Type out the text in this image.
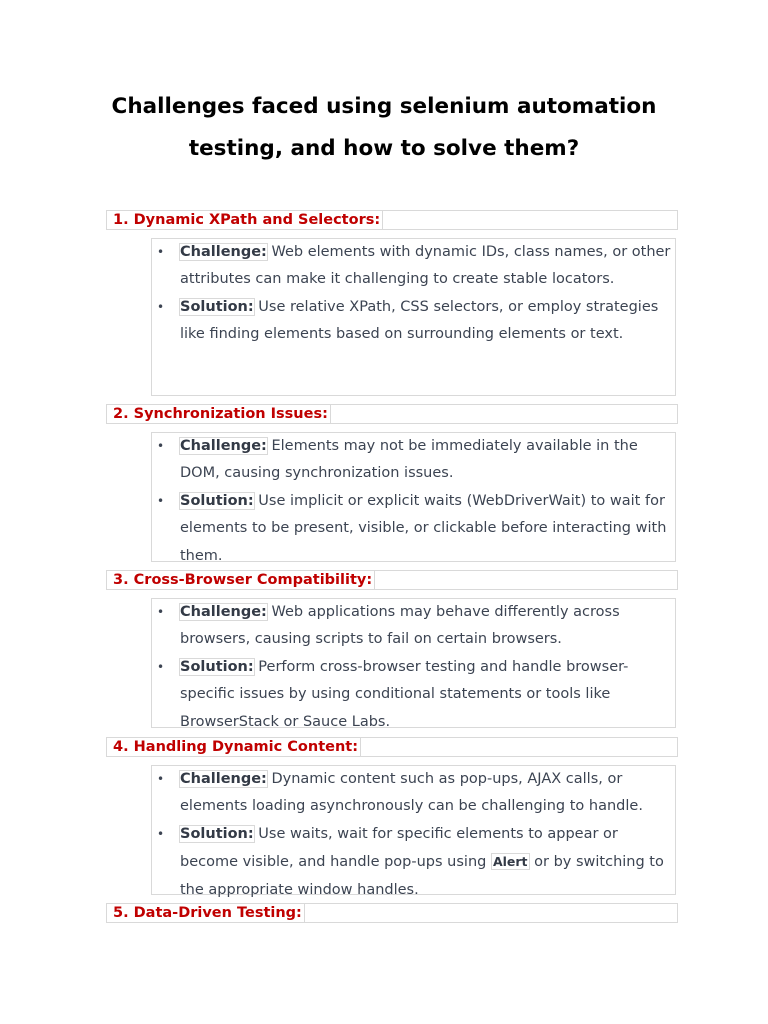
Challenges faced using selenium automation
testing, and how to solve them?
1. Dynamic XPath and Selectors:
• Challenge: Web elements with dynamic IDs, class names, or other attributes can make it challenging to create stable locators.
• Solution: Use relative XPath, CSS selectors, or employ strategies like finding elements based on surrounding elements or text.
2. Synchronization Issues:
• Challenge: Elements may not be immediately available in the DOM, causing synchronization issues.
• Solution: Use implicit or explicit waits (WebDriverWait) to wait for elements to be present, visible, or clickable before interacting with them.
3. Cross-Browser Compatibility:
• Challenge: Web applications may behave differently across browsers, causing scripts to fail on certain browsers.
• Solution: Perform cross-browser testing and handle browser-specific issues by using conditional statements or tools like BrowserStack or Sauce Labs.
4. Handling Dynamic Content:
• Challenge: Dynamic content such as pop-ups, AJAX calls, or elements loading asynchronously can be challenging to handle.
• Solution: Use waits, wait for specific elements to appear or become visible, and handle pop-ups using Alert or by switching to the appropriate window handles.
5. Data-Driven Testing:
